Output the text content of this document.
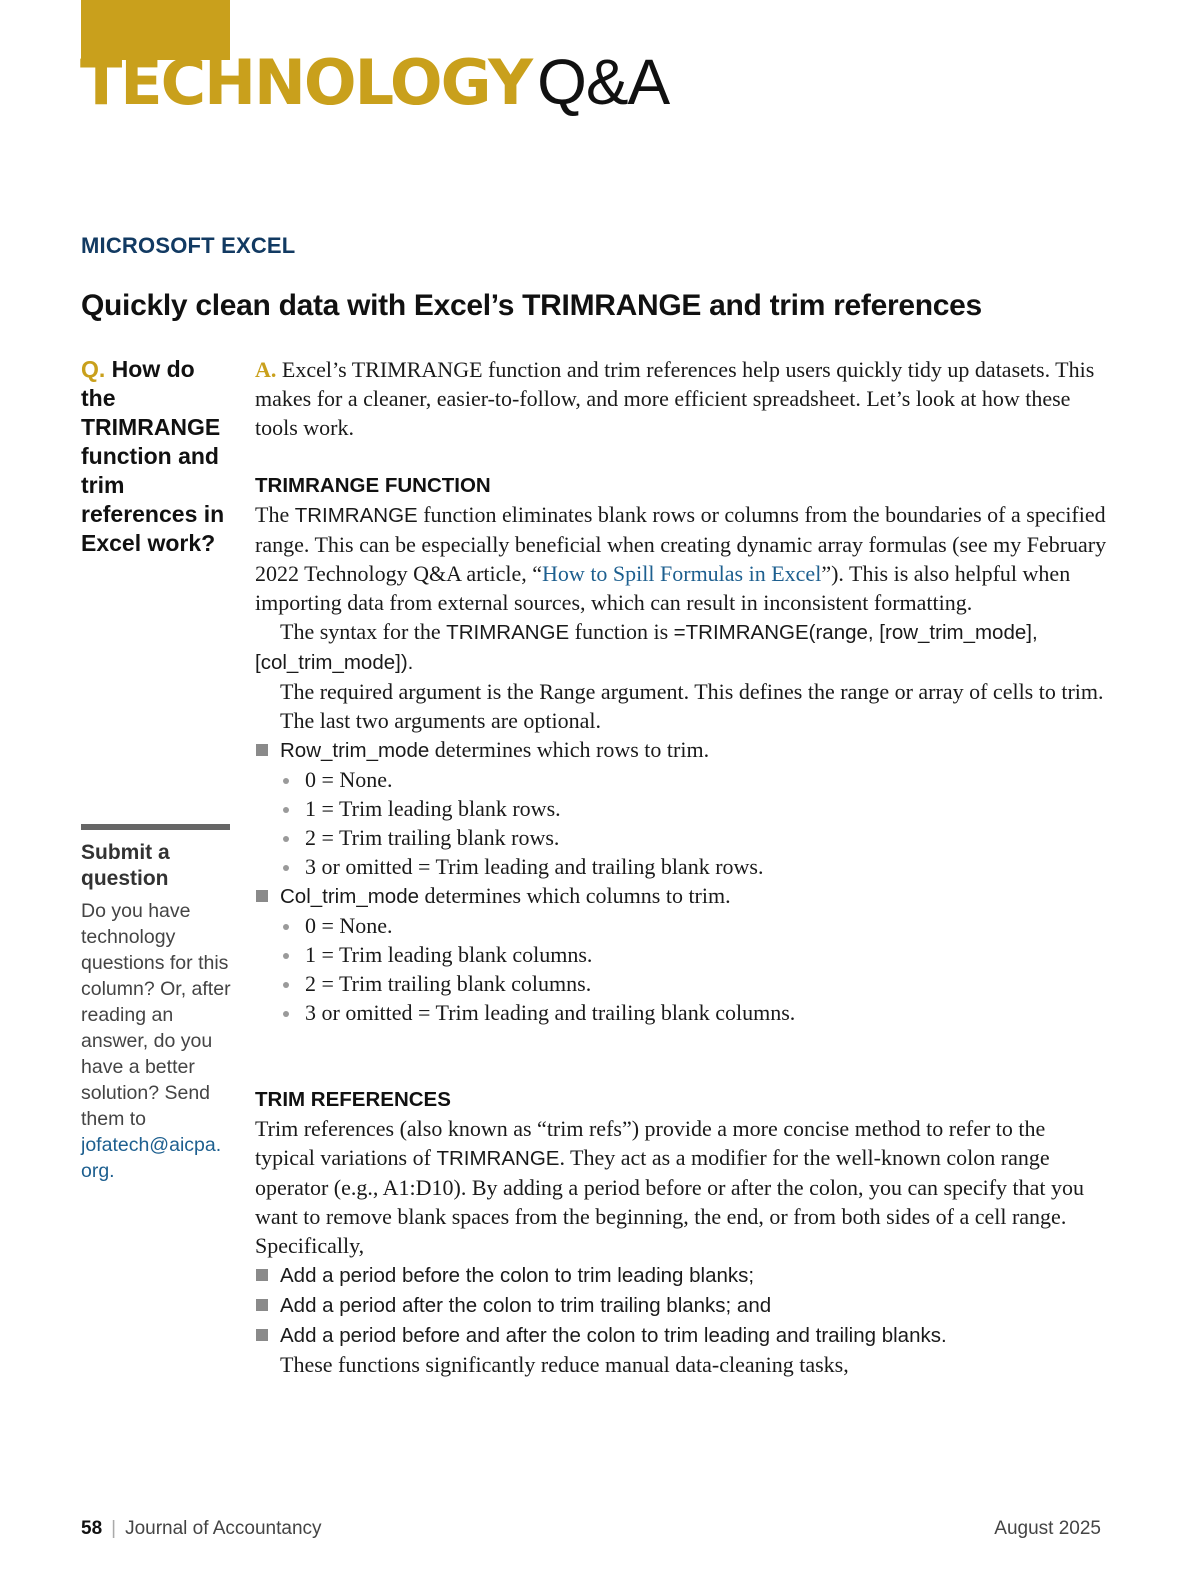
TECHNOLOGYQ&A
MICROSOFT EXCEL
Quickly clean data with Excel’s TRIMRANGE and trim references
Q. How do the TRIMRANGE function and trim references in Excel work?
Submit a question
Do you have technology questions for this column? Or, after reading an answer, do you have a better solution? Send them to jofatech@aicpa. org.

A. Excel’s TRIMRANGE function and trim references help users quickly tidy up datasets. This makes for a cleaner, easier-to-follow, and more efficient spreadsheet. Let’s look at how these tools work.

TRIMRANGE FUNCTION

The TRIMRANGE function eliminates blank rows or columns from the boundaries of a specified range. This can be especially beneficial when creating dynamic array formulas (see my February 2022 Technology Q&A article, “How to Spill Formulas in Excel”). This is also helpful when importing data from external sources, which can result in inconsistent formatting.

The syntax for the TRIMRANGE function is =TRIMRANGE(range, [row_trim_mode], [col_trim_mode]).

The required argument is the Range argument. This defines the range or array of cells to trim.

The last two arguments are optional.

Row_trim_mode determines which rows to trim.
0 = None.
1 = Trim leading blank rows.
2 = Trim trailing blank rows.
3 or omitted = Trim leading and trailing blank rows.
Col_trim_mode determines which columns to trim.
0 = None.
1 = Trim leading blank columns.
2 = Trim trailing blank columns.
3 or omitted = Trim leading and trailing blank columns.
TRIM REFERENCES

Trim references (also known as “trim refs”) provide a more concise method to refer to the typical variations of TRIMRANGE. They act as a modifier for the well-known colon range operator (e.g., A1:D10). By adding a period before or after the colon, you can specify that you want to remove blank spaces from the beginning, the end, or from both sides of a cell range. Specifically,

Add a period before the colon to trim leading blanks;
Add a period after the colon to trim trailing blanks; and
Add a period before and after the colon to trim leading and trailing blanks.

These functions significantly reduce manual data-cleaning tasks,

58 | Journal of Accountancy	August 2025
